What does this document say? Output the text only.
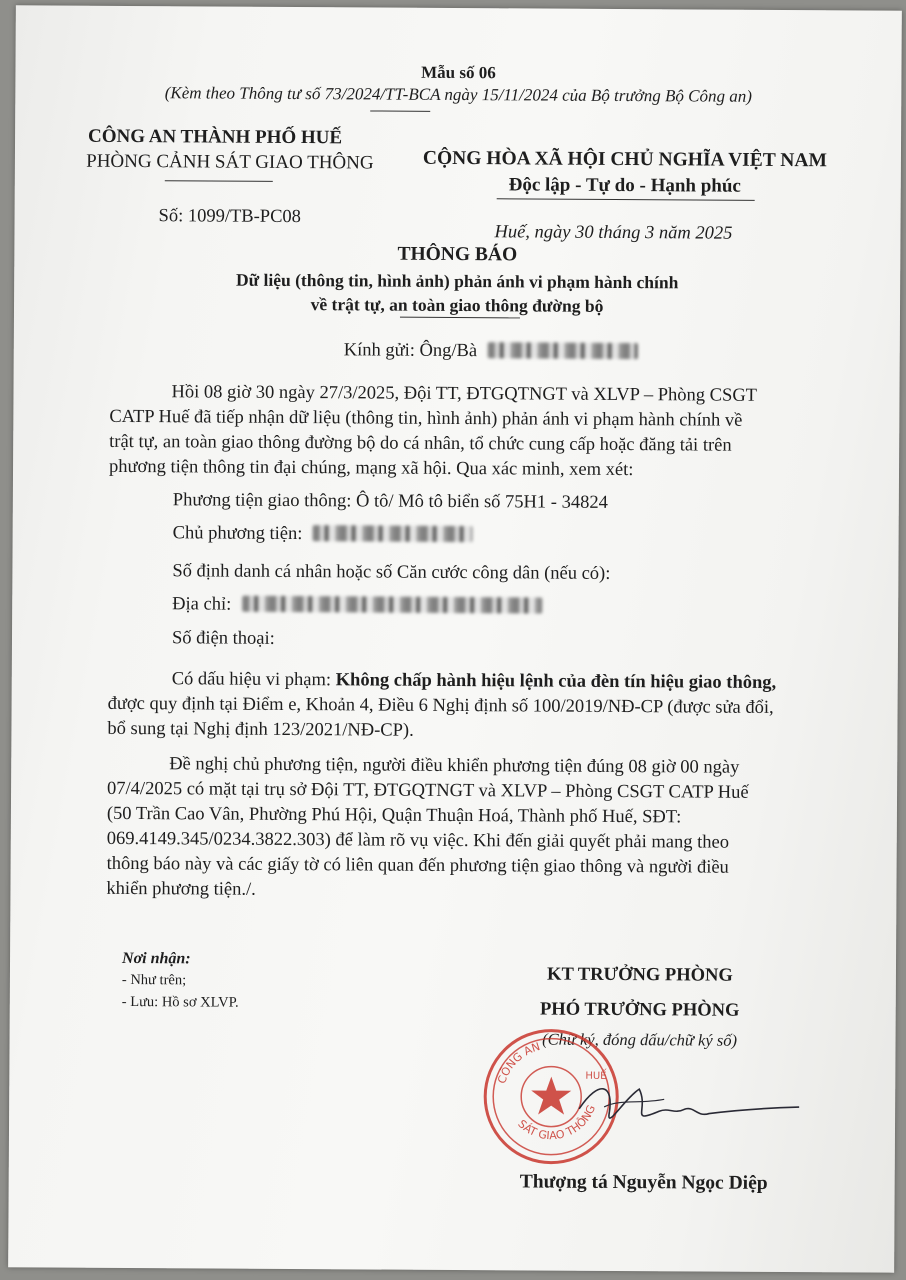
Mẫu số 06
(Kèm theo Thông tư số 73/2024/TT-BCA ngày 15/11/2024 của Bộ trưởng Bộ Công an)
CÔNG AN THÀNH PHỐ HUẾ
PHÒNG CẢNH SÁT GIAO THÔNG	CỘNG HÒA XÃ HỘI CHỦ NGHĨA VIỆT NAM
Độc lập - Tự do - Hạnh phúc
Số: 1099/TB-PC08
Huế, ngày 30 tháng 3 năm 2025
THÔNG BÁO
Dữ liệu (thông tin, hình ảnh) phản ánh vi phạm hành chính
về trật tự, an toàn giao thông đường bộ
Kính gửi: Ông/Bà
Hồi 08 giờ 30 ngày 27/3/2025, Đội TT, ĐTGQTNGT và XLVP – Phòng CSGT
CATP Huế đã tiếp nhận dữ liệu (thông tin, hình ảnh) phản ánh vi phạm hành chính về
trật tự, an toàn giao thông đường bộ do cá nhân, tổ chức cung cấp hoặc đăng tải trên
phương tiện thông tin đại chúng, mạng xã hội. Qua xác minh, xem xét:
Phương tiện giao thông: Ô tô/ Mô tô biển số 75H1 - 34824
Chủ phương tiện:
Số định danh cá nhân hoặc số Căn cước công dân (nếu có):
Địa chỉ:
Số điện thoại:
Có dấu hiệu vi phạm: Không chấp hành hiệu lệnh của đèn tín hiệu giao thông,
được quy định tại Điểm e, Khoản 4, Điều 6 Nghị định số 100/2019/NĐ-CP (được sửa đổi,
bổ sung tại Nghị định 123/2021/NĐ-CP).
Đề nghị chủ phương tiện, người điều khiển phương tiện đúng 08 giờ 00 ngày
07/4/2025 có mặt tại trụ sở Đội TT, ĐTGQTNGT và XLVP – Phòng CSGT CATP Huế
(50 Trần Cao Vân, Phường Phú Hội, Quận Thuận Hoá, Thành phố Huế, SĐT:
069.4149.345/0234.3822.303) để làm rõ vụ việc. Khi đến giải quyết phải mang theo
thông báo này và các giấy tờ có liên quan đến phương tiện giao thông và người điều
khiển phương tiện./.
Nơi nhận:
- Như trên;
- Lưu: Hồ sơ XLVP.
KT TRƯỞNG PHÒNG
PHÓ TRƯỞNG PHÒNG
(Chữ ký, đóng dấu/chữ ký số)
CÔNG AN
HUẾ
SÁT GIAO THÔNG
Thượng tá Nguyễn Ngọc Diệp
